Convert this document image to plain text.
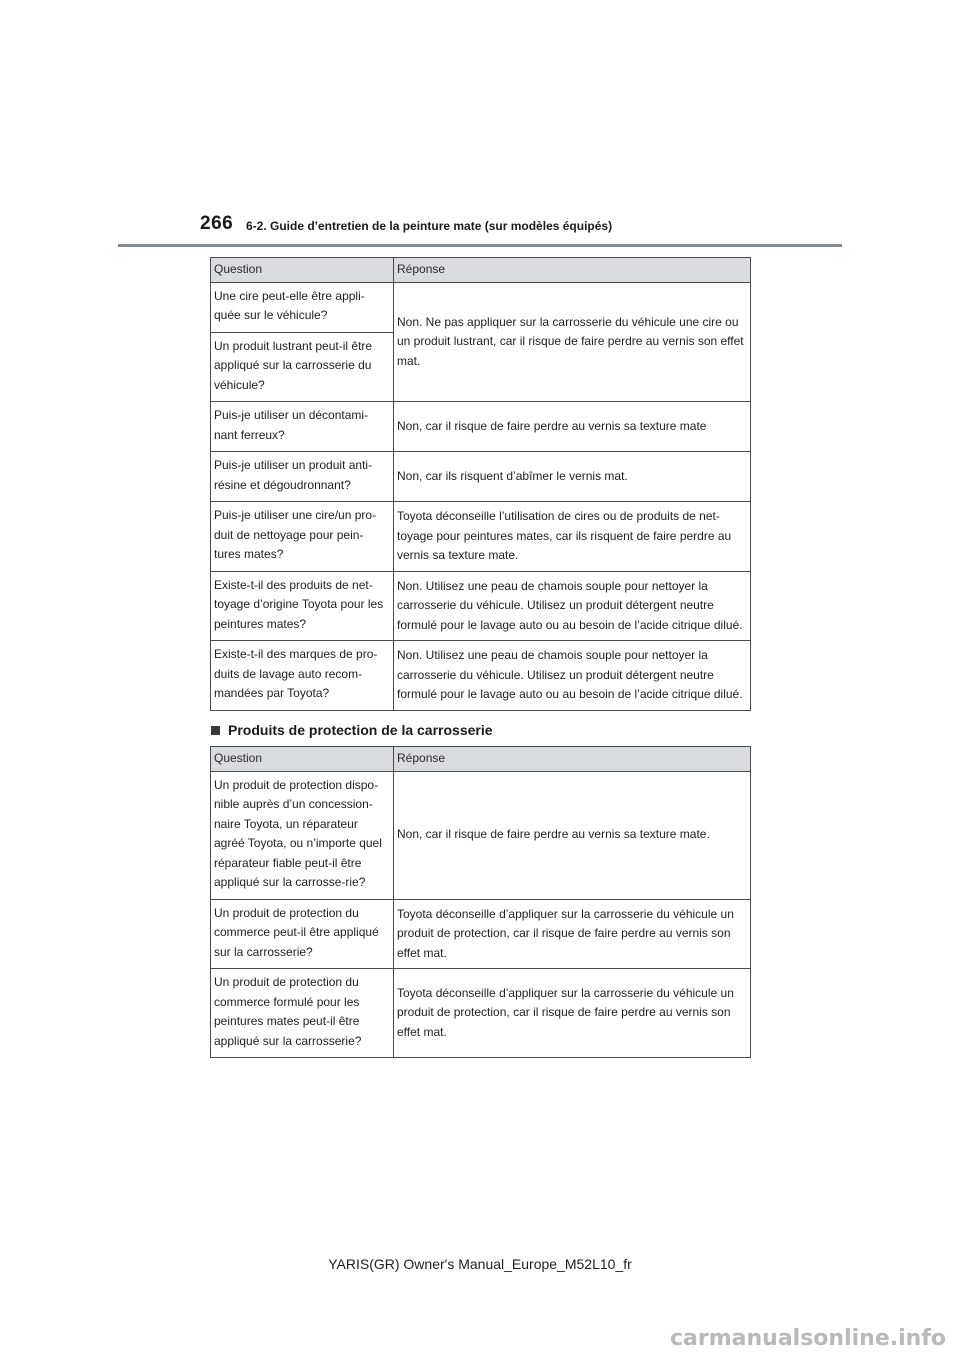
266 6-2. Guide d’entretien de la peinture mate (sur modèles équipés)
Question	Réponse
Une cire peut-elle être appli-quée sur le véhicule?	Non. Ne pas appliquer sur la carrosserie du véhicule une cire ou un produit lustrant, car il risque de faire perdre au vernis son effet mat.
Un produit lustrant peut-il être appliqué sur la carrosserie du véhicule?	
Puis-je utiliser un décontami-nant ferreux?	Non, car il risque de faire perdre au vernis sa texture mate
Puis-je utiliser un produit anti-résine et dégoudronnant?	Non, car ils risquent d’abîmer le vernis mat.
Puis-je utiliser une cire/un pro-duit de nettoyage pour pein-tures mates?	Toyota déconseille l’utilisation de cires ou de produits de net-toyage pour peintures mates, car ils risquent de faire perdre au vernis sa texture mate.
Existe-t-il des produits de net-toyage d’origine Toyota pour les peintures mates?	Non. Utilisez une peau de chamois souple pour nettoyer la carrosserie du véhicule. Utilisez un produit détergent neutre formulé pour le lavage auto ou au besoin de l’acide citrique dilué.
Existe-t-il des marques de pro-duits de lavage auto recom-mandées par Toyota?	Non. Utilisez une peau de chamois souple pour nettoyer la carrosserie du véhicule. Utilisez un produit détergent neutre formulé pour le lavage auto ou au besoin de l’acide citrique dilué.
Produits de protection de la carrosserie
Question	Réponse
Un produit de protection dispo-nible auprès d’un concession-naire Toyota, un réparateur agréé Toyota, ou n’importe quel réparateur fiable peut-il être appliqué sur la carrosse-rie?	Non, car il risque de faire perdre au vernis sa texture mate.
Un produit de protection du commerce peut-il être appliqué sur la carrosserie?	Toyota déconseille d’appliquer sur la carrosserie du véhicule un produit de protection, car il risque de faire perdre au vernis son effet mat.
Un produit de protection du commerce formulé pour les peintures mates peut-il être appliqué sur la carrosserie?	Toyota déconseille d’appliquer sur la carrosserie du véhicule un produit de protection, car il risque de faire perdre au vernis son effet mat.
YARIS(GR) Owner's Manual_Europe_M52L10_fr
carmanualsonline.info
